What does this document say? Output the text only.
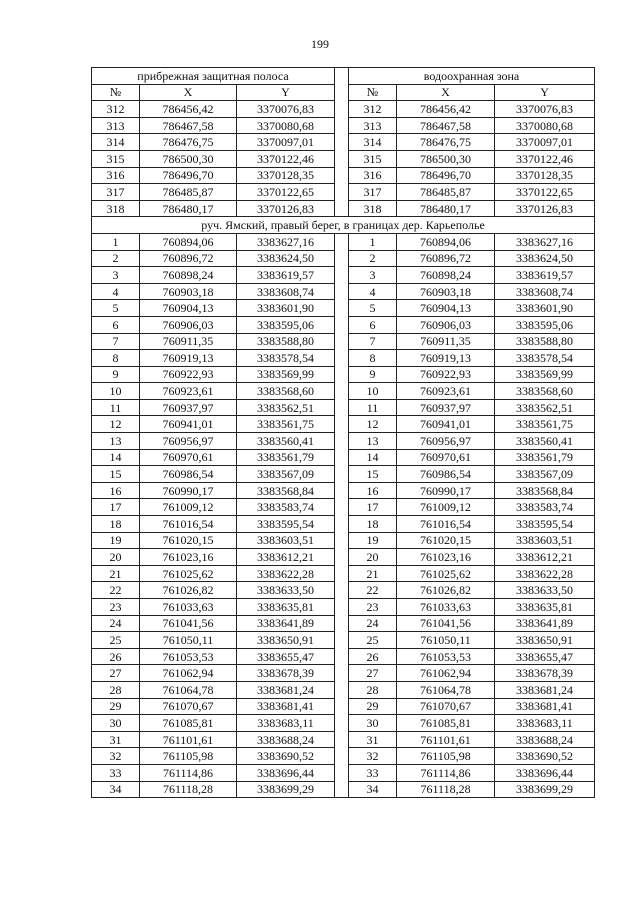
199
прибрежная защитная полоса				водоохранная зона		
№	X	Y		№	X	Y
312	786456,42	3370076,83		312	786456,42	3370076,83
313	786467,58	3370080,68		313	786467,58	3370080,68
314	786476,75	3370097,01		314	786476,75	3370097,01
315	786500,30	3370122,46		315	786500,30	3370122,46
316	786496,70	3370128,35		316	786496,70	3370128,35
317	786485,87	3370122,65		317	786485,87	3370122,65
318	786480,17	3370126,83		318	786480,17	3370126,83
руч. Ямский, правый берег, в границах дер. Карьеполье						
1	760894,06	3383627,16		1	760894,06	3383627,16
2	760896,72	3383624,50		2	760896,72	3383624,50
3	760898,24	3383619,57		3	760898,24	3383619,57
4	760903,18	3383608,74		4	760903,18	3383608,74
5	760904,13	3383601,90		5	760904,13	3383601,90
6	760906,03	3383595,06		6	760906,03	3383595,06
7	760911,35	3383588,80		7	760911,35	3383588,80
8	760919,13	3383578,54		8	760919,13	3383578,54
9	760922,93	3383569,99		9	760922,93	3383569,99
10	760923,61	3383568,60		10	760923,61	3383568,60
11	760937,97	3383562,51		11	760937,97	3383562,51
12	760941,01	3383561,75		12	760941,01	3383561,75
13	760956,97	3383560,41		13	760956,97	3383560,41
14	760970,61	3383561,79		14	760970,61	3383561,79
15	760986,54	3383567,09		15	760986,54	3383567,09
16	760990,17	3383568,84		16	760990,17	3383568,84
17	761009,12	3383583,74		17	761009,12	3383583,74
18	761016,54	3383595,54		18	761016,54	3383595,54
19	761020,15	3383603,51		19	761020,15	3383603,51
20	761023,16	3383612,21		20	761023,16	3383612,21
21	761025,62	3383622,28		21	761025,62	3383622,28
22	761026,82	3383633,50		22	761026,82	3383633,50
23	761033,63	3383635,81		23	761033,63	3383635,81
24	761041,56	3383641,89		24	761041,56	3383641,89
25	761050,11	3383650,91		25	761050,11	3383650,91
26	761053,53	3383655,47		26	761053,53	3383655,47
27	761062,94	3383678,39		27	761062,94	3383678,39
28	761064,78	3383681,24		28	761064,78	3383681,24
29	761070,67	3383681,41		29	761070,67	3383681,41
30	761085,81	3383683,11		30	761085,81	3383683,11
31	761101,61	3383688,24		31	761101,61	3383688,24
32	761105,98	3383690,52		32	761105,98	3383690,52
33	761114,86	3383696,44		33	761114,86	3383696,44
34	761118,28	3383699,29		34	761118,28	3383699,29
